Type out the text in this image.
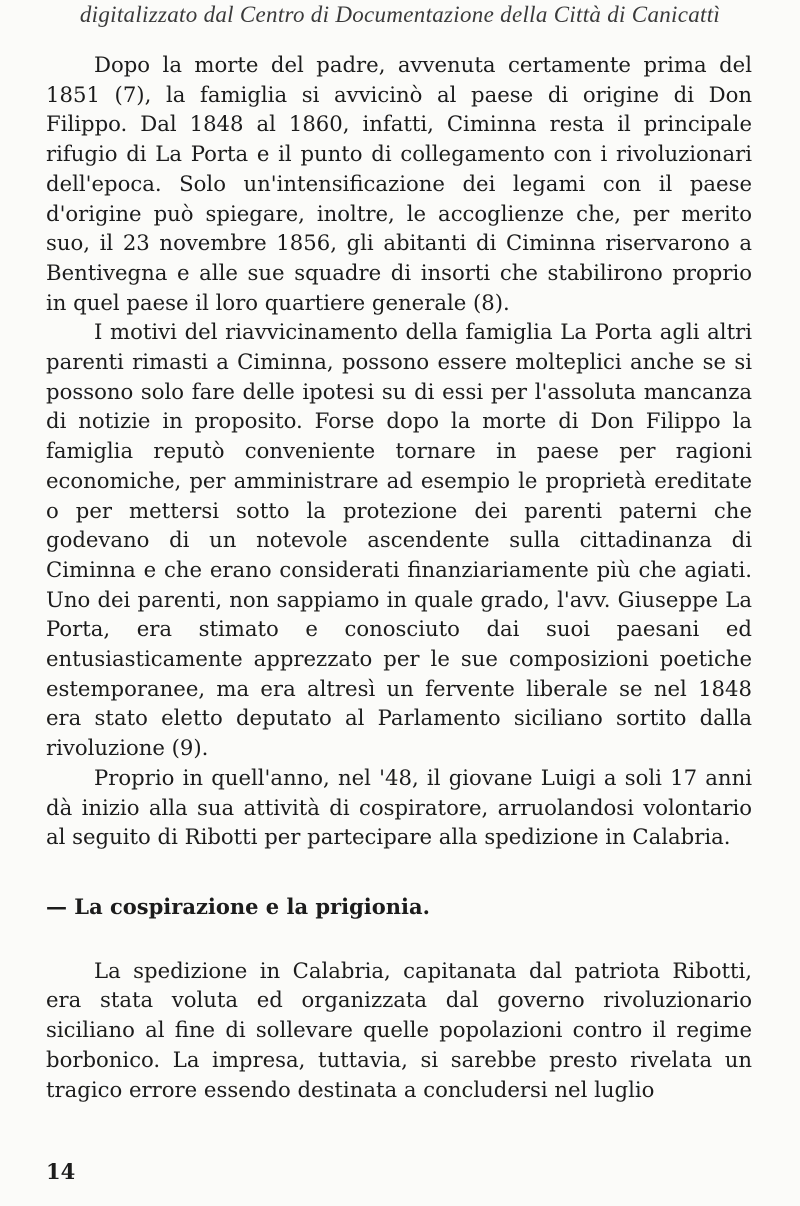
digitalizzato dal Centro di Documentazione della Città di Canicattì

Dopo la morte del padre, avvenuta certamente prima del 1851 (7), la famiglia si avvicinò al paese di origine di Don Filippo. Dal 1848 al 1860, infatti, Ciminna resta il principale rifugio di La Porta e il punto di collegamento con i rivoluzionari dell'epoca. Solo un'intensificazione dei legami con il paese d'origine può spiegare, inoltre, le accoglienze che, per merito suo, il 23 novembre 1856, gli abitanti di Ciminna riservarono a Bentivegna e alle sue squadre di insorti che stabilirono proprio in quel paese il loro quartiere generale (8).

I motivi del riavvicinamento della famiglia La Porta agli altri parenti rimasti a Ciminna, possono essere molteplici anche se si possono solo fare delle ipotesi su di essi per l'assoluta mancanza di notizie in proposito. Forse dopo la morte di Don Filippo la famiglia reputò conveniente tornare in paese per ragioni economiche, per amministrare ad esempio le proprietà ereditate o per mettersi sotto la protezione dei parenti paterni che godevano di un notevole ascendente sulla cittadinanza di Ciminna e che erano considerati finanziariamente più che agiati. Uno dei parenti, non sappiamo in quale grado, l'avv. Giuseppe La Porta, era stimato e conosciuto dai suoi paesani ed entusiasticamente apprezzato per le sue composizioni poetiche estemporanee, ma era altresì un fervente liberale se nel 1848 era stato eletto deputato al Parlamento siciliano sortito dalla rivoluzione (9).

Proprio in quell'anno, nel '48, il giovane Luigi a soli 17 anni dà inizio alla sua attività di cospiratore, arruolandosi volontario al seguito di Ribotti per partecipare alla spedizione in Calabria.

— La cospirazione e la prigionia.

La spedizione in Calabria, capitanata dal patriota Ribotti, era stata voluta ed organizzata dal governo rivoluzionario siciliano al fine di sollevare quelle popolazioni contro il regime borbonico. La impresa, tuttavia, si sarebbe presto rivelata un tragico errore essendo destinata a concludersi nel luglio

14
